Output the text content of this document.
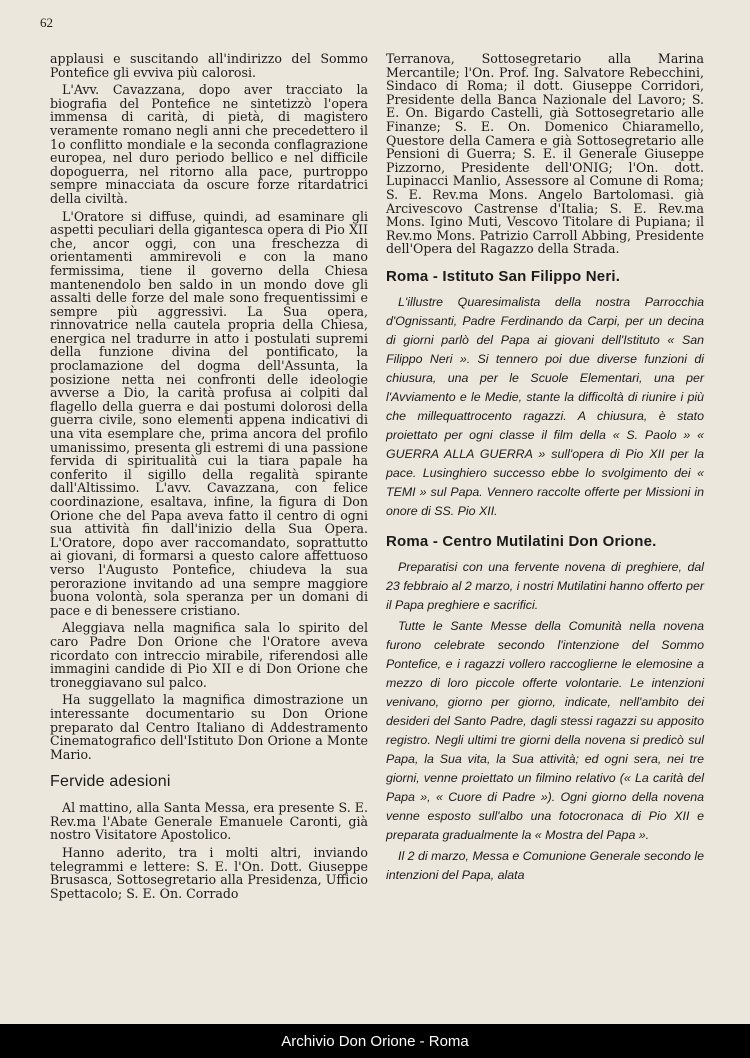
62

applausi e suscitando all'indirizzo del Sommo Pontefice gli evviva più calorosi.

L'Avv. Cavazzana, dopo aver tracciato la biografia del Pontefice ne sintetizzò l'opera immensa di carità, di pietà, di magistero veramente romano negli anni che precedettero il 1o conflitto mondiale e la seconda conflagrazione europea, nel duro periodo bellico e nel difficile dopoguerra, nel ritorno alla pace, purtroppo sempre minacciata da oscure forze ritardatrici della civiltà.

L'Oratore si diffuse, quindi, ad esaminare gli aspetti peculiari della gigantesca opera di Pio XII che, ancor oggi, con una freschezza di orientamenti ammirevoli e con la mano fermissima, tiene il governo della Chiesa mantenendolo ben saldo in un mondo dove gli assalti delle forze del male sono frequentissimi e sempre più aggressivi. La Sua opera, rinnovatrice nella cautela propria della Chiesa, energica nel tradurre in atto i postulati supremi della funzione divina del pontificato, la proclamazione del dogma dell'Assunta, la posizione netta nei confronti delle ideologie avverse a Dio, la carità profusa ai colpiti dal flagello della guerra e dai postumi dolorosi della guerra civile, sono elementi appena indicativi di una vita esemplare che, prima ancora del profilo umanissimo, presenta gli estremi di una passione fervida di spiritualità cui la tiara papale ha conferito il sigillo della regalità spirante dall'Altissimo. L'avv. Cavazzana, con felice coordinazione, esaltava, infine, la figura di Don Orione che del Papa aveva fatto il centro di ogni sua attività fin dall'inizio della Sua Opera. L'Oratore, dopo aver raccomandato, soprattutto ai giovani, di formarsi a questo calore affettuoso verso l'Augusto Pontefice, chiudeva la sua perorazione invitando ad una sempre maggiore buona volontà, sola speranza per un domani di pace e di benessere cristiano.

Aleggiava nella magnifica sala lo spirito del caro Padre Don Orione che l'Oratore aveva ricordato con intreccio mirabile, riferendosi alle immagini candide di Pio XII e di Don Orione che troneggiavano sul palco.

Ha suggellato la magnifica dimostrazione un interessante documentario su Don Orione preparato dal Centro Italiano di Addestramento Cinematografico dell'Istituto Don Orione a Monte Mario.

Fervide adesioni

Al mattino, alla Santa Messa, era presente S. E. Rev.ma l'Abate Generale Emanuele Caronti, già nostro Visitatore Apostolico.

Hanno aderito, tra i molti altri, inviando telegrammi e lettere: S. E. l'On. Dott. Giuseppe Brusasca, Sottosegretario alla Presidenza, Ufficio Spettacolo; S. E. On. Corrado

Terranova, Sottosegretario alla Marina Mercantile; l'On. Prof. Ing. Salvatore Rebecchini, Sindaco di Roma; il dott. Giuseppe Corridori, Presidente della Banca Nazionale del Lavoro; S. E. On. Bigardo Castelli, già Sottosegretario alle Finanze; S. E. On. Domenico Chiaramello, Questore della Camera e già Sottosegretario alle Pensioni di Guerra; S. E. il Generale Giuseppe Pizzorno, Presidente dell'ONIG; l'On. dott. Lupinacci Manlio, Assessore al Comune di Roma; S. E. Rev.ma Mons. Angelo Bartolomasi. già Arcivescovo Castrense d'Italia; S. E. Rev.ma Mons. Igino Muti, Vescovo Titolare di Pupiana; il Rev.mo Mons. Patrizio Carroll Abbing, Presidente dell'Opera del Ragazzo della Strada.

Roma - Istituto San Filippo Neri.

L'illustre Quaresimalista della nostra Parrocchia d'Ognissanti, Padre Ferdinando da Carpi, per un decina di giorni parlò del Papa ai giovani dell'Istituto « San Filippo Neri ». Si tennero poi due diverse funzioni di chiusura, una per le Scuole Elementari, una per l'Avviamento e le Medie, stante la difficoltà di riunire i più che millequattrocento ragazzi. A chiusura, è stato proiettato per ogni classe il film della « S. Paolo » « GUERRA ALLA GUERRA » sull'opera di Pio XII per la pace. Lusinghiero successo ebbe lo svolgimento dei « TEMI » sul Papa. Vennero raccolte offerte per Missioni in onore di SS. Pio XII.

Roma - Centro Mutilatini Don Orione.

Preparatisi con una fervente novena di preghiere, dal 23 febbraio al 2 marzo, i nostri Mutilatini hanno offerto per il Papa preghiere e sacrifici.

Tutte le Sante Messe della Comunità nella novena furono celebrate secondo l'intenzione del Sommo Pontefice, e i ragazzi vollero raccoglierne le elemosine a mezzo di loro piccole offerte volontarie. Le intenzioni venivano, giorno per giorno, indicate, nell'ambito dei desideri del Santo Padre, dagli stessi ragazzi su apposito registro. Negli ultimi tre giorni della novena si predicò sul Papa, la Sua vita, la Sua attività; ed ogni sera, nei tre giorni, venne proiettato un filmino relativo (« La carità del Papa », « Cuore di Padre »). Ogni giorno della novena venne esposto sull'albo una fotocronaca di Pio XII e preparata gradualmente la « Mostra del Papa ».

Il 2 di marzo, Messa e Comunione Generale secondo le intenzioni del Papa, alata

Archivio Don Orione - Roma
